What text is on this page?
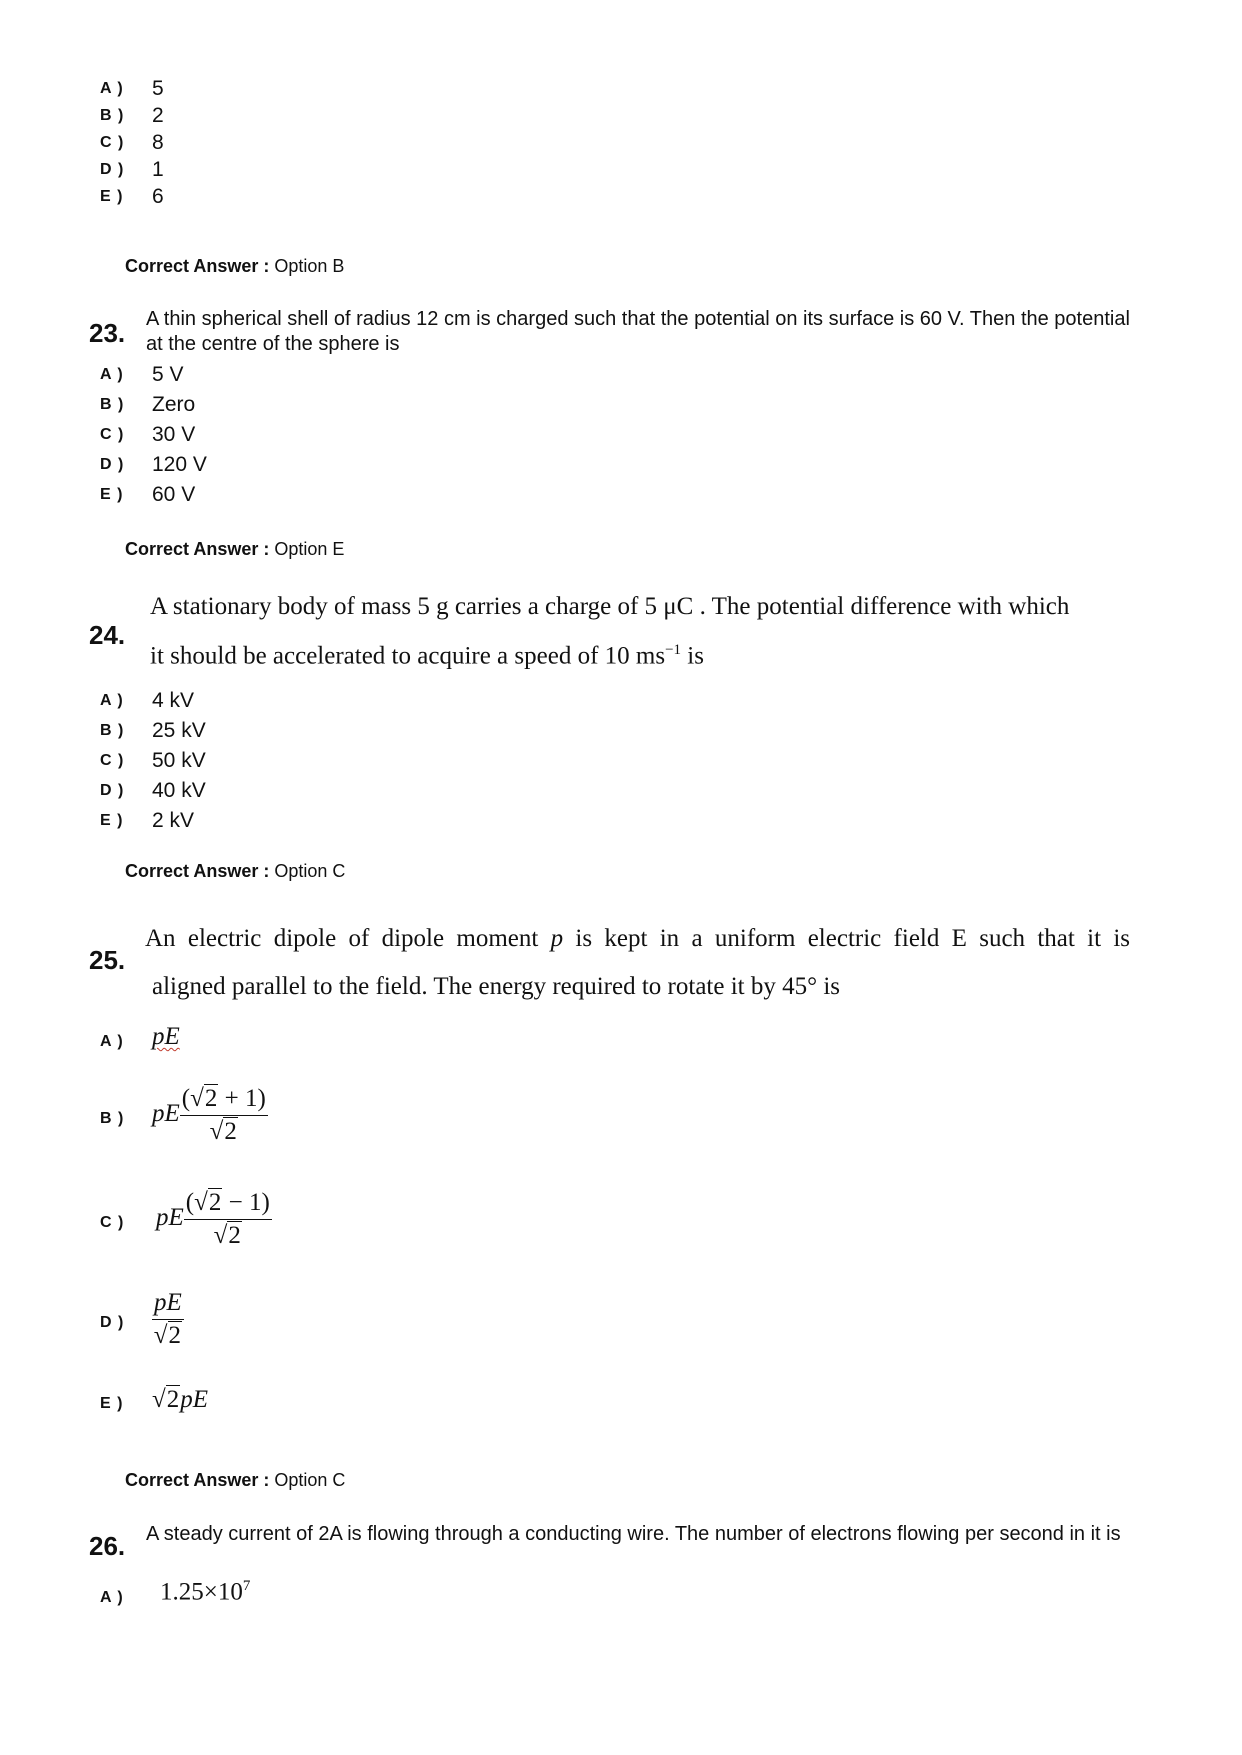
A ) 5
B ) 2
C ) 8
D ) 1
E ) 6
Correct Answer : Option B
23. A thin spherical shell of radius 12 cm is charged such that the potential on its surface is 60 V. Then the potential at the centre of the sphere is
A ) 5 V
B ) Zero
C ) 30 V
D ) 120 V
E ) 60 V
Correct Answer : Option E
24.
A stationary body of mass 5 g carries a charge of 5 μC . The potential difference with which
it should be accelerated to acquire a speed of 10 $ms^{-1}$ is
A ) 4 kV
B ) 25 kV
C ) 50 kV
D ) 40 kV
E ) 2 kV
Correct Answer : Option C
25.
An electric dipole of dipole moment p is kept in a uniform electric field E such that it is
aligned parallel to the field. The energy required to rotate it by 45° is
A ) pE
B ) pE $\frac{(√2 + 1)}{√2}$
C ) pE $\frac{(√2 - 1)}{√2}$
D ) $\frac{pE}{√2}$
E ) √2pE
Correct Answer : Option C
26. A steady current of 2A is flowing through a conducting wire. The number of electrons flowing per second in it is
A ) $1.25\times 10^7$
